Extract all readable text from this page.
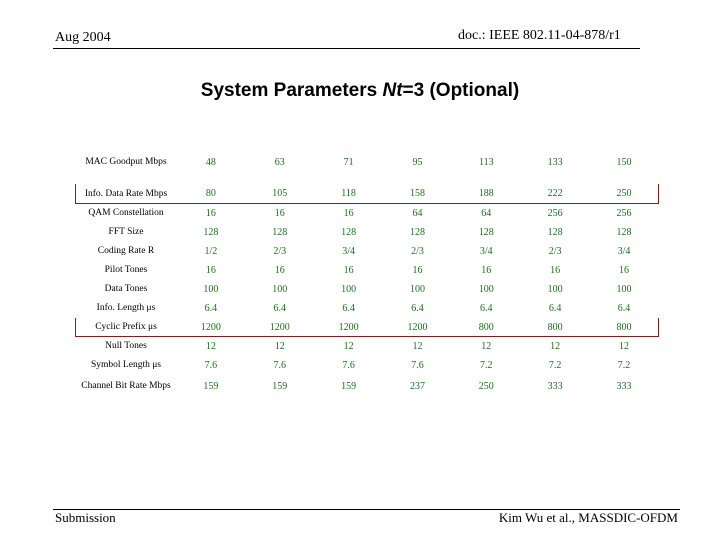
Aug 2004	doc.: IEEE 802.11-04-878/r1
System Parameters Nt=3 (Optional)
MAC Goodput Mbps	48	63	71	95	113	133	150
Info. Data Rate Mbps	80	105	118	158	188	222	250
QAM Constellation	16	16	16	64	64	256	256
FFT Size	128	128	128	128	128	128	128
Coding Rate R	1/2	2/3	3/4	2/3	3/4	2/3	3/4
Pilot Tones	16	16	16	16	16	16	16
Data Tones	100	100	100	100	100	100	100
Info. Length μs	6.4	6.4	6.4	6.4	6.4	6.4	6.4
Cyclic Prefix μs	1200	1200	1200	1200	800	800	800
Null Tones	12	12	12	12	12	12	12
Symbol Length μs	7.6	7.6	7.6	7.6	7.2	7.2	7.2
Channel Bit Rate Mbps	159	159	159	237	250	333	333
Submission	Kim Wu et al., MASSDIC-OFDM
